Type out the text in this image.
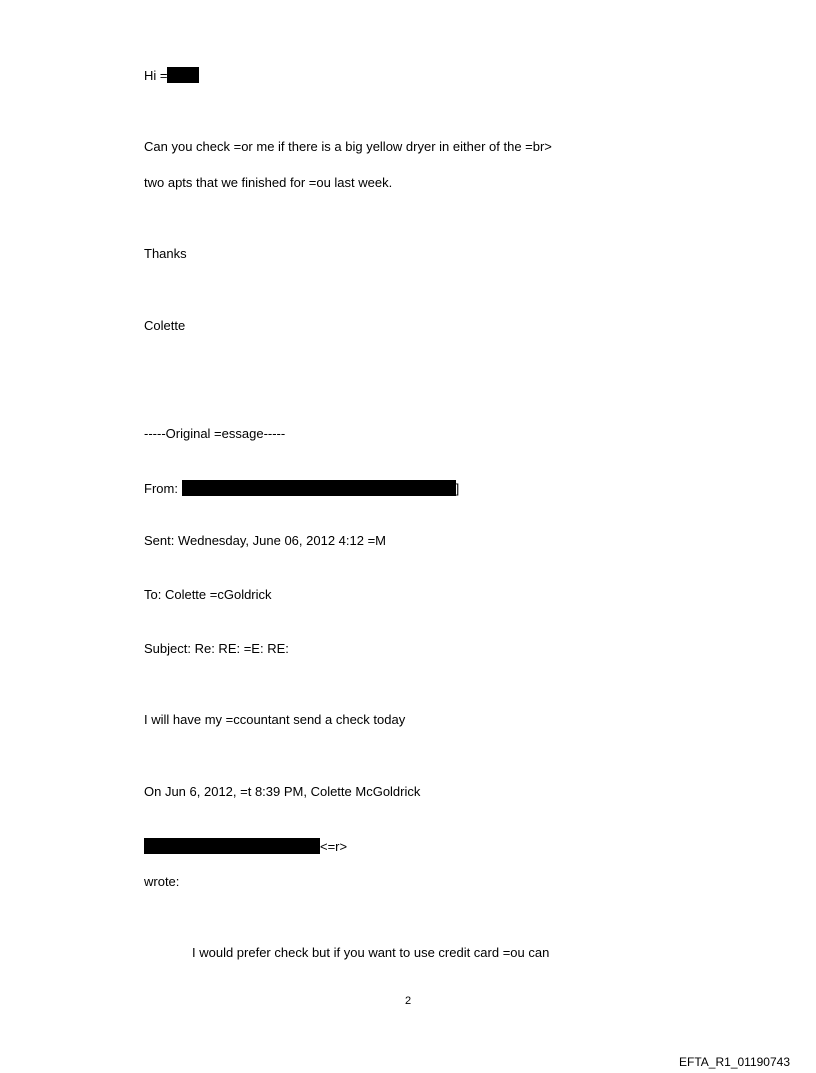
Hi =
Can you check =or me if there is a big yellow dryer in either of the =br>
two apts that we finished for =ou last week.
Thanks
Colette
-----Original =essage-----
From:	]
Sent: Wednesday, June 06, 2012 4:12 =M
To: Colette =cGoldrick
Subject: Re: RE: =E: RE:
I will have my =ccountant send a check today
On Jun 6, 2012, =t 8:39 PM, Colette McGoldrick
<=r>
wrote:
I would prefer check but if you want to use credit card =ou can
2
EFTA_R1_01190743
